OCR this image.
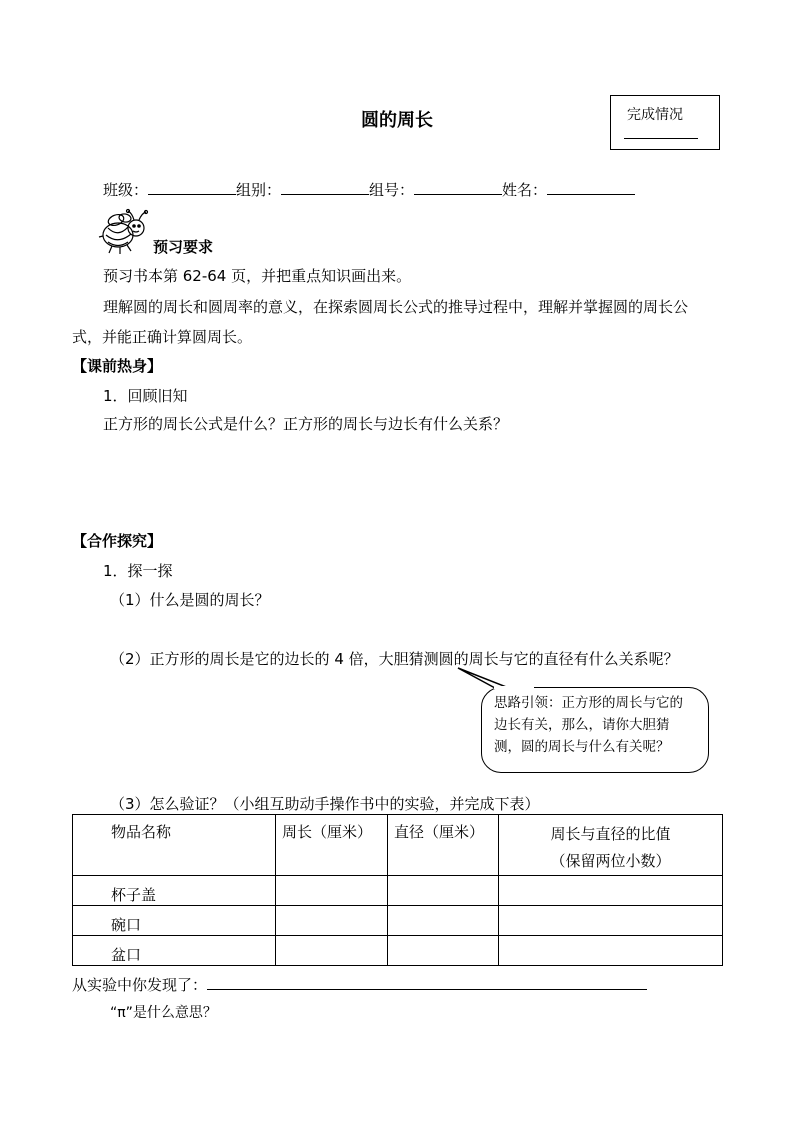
圆的周长	完成情况
班级：	组别：	组号：	姓名：
预习要求
预习书本第 62-64 页，并把重点知识画出来。
理解圆的周长和圆周率的意义，在探索圆周长公式的推导过程中，理解并掌握圆的周长公
式，并能正确计算圆周长。
【课前热身】
1．回顾旧知
正方形的周长公式是什么？正方形的周长与边长有什么关系？
【合作探究】
1．探一探
（1）什么是圆的周长？
（2）正方形的周长是它的边长的 4 倍，大胆猜测圆的周长与它的直径有什么关系呢？
思路引领：正方形的周长与它的边长有关，那么，请你大胆猜测，圆的周长与什么有关呢？
（3）怎么验证？（小组互助动手操作书中的实验，并完成下表）
物品名称	周长（厘米）	直径（厘米）	周长与直径的比值
（保留两位小数）

杯子盖			
碗口			
盆口			
从实验中你发现了：
“π”是什么意思？
